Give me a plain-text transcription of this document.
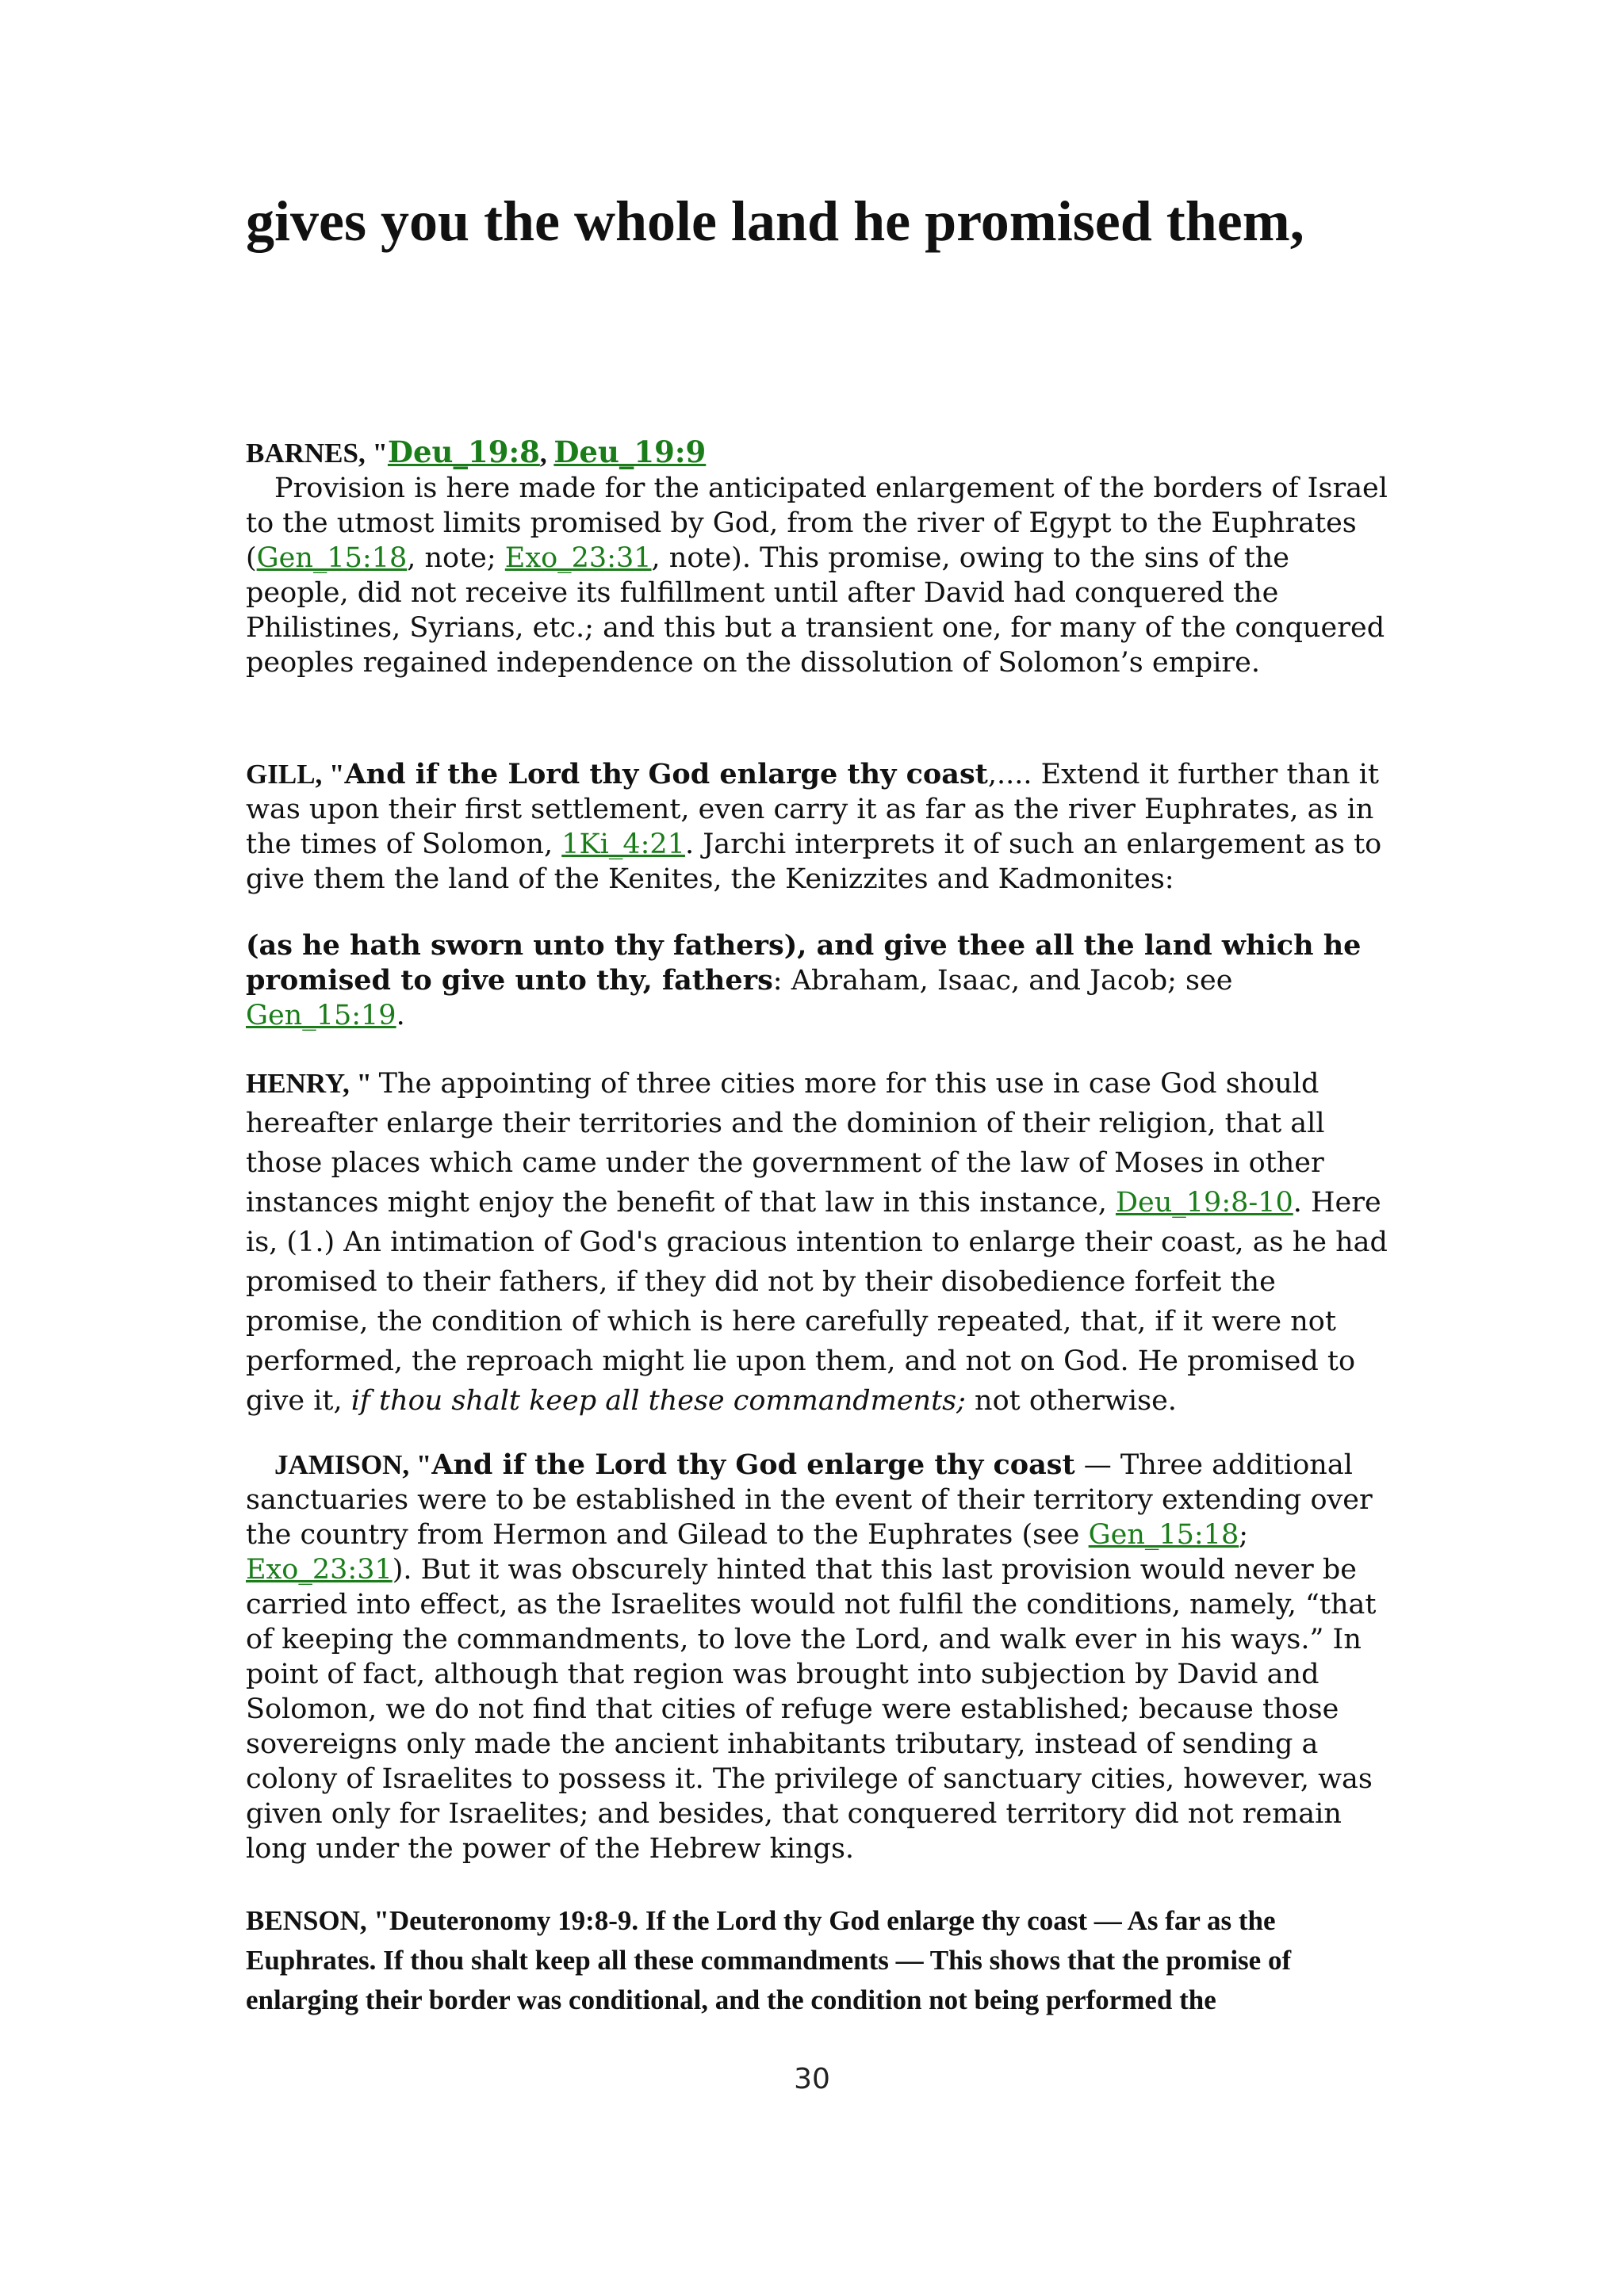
gives you the whole land he promised them,

BARNES, "Deu_19:8, Deu_19:9

Provision is here made for the anticipated enlargement of the borders of Israel to the utmost limits promised by God, from the river of Egypt to the Euphrates (Gen_15:18, note; Exo_23:31, note). This promise, owing to the sins of the people, did not receive its fulfillment until after David had conquered the Philistines, Syrians, etc.; and this but a transient one, for many of the conquered peoples regained independence on the dissolution of Solomon’s empire.

GILL, "And if the Lord thy God enlarge thy coast,.... Extend it further than it was upon their first settlement, even carry it as far as the river Euphrates, as in the times of Solomon, 1Ki_4:21. Jarchi interprets it of such an enlargement as to give them the land of the Kenites, the Kenizzites and Kadmonites:

(as he hath sworn unto thy fathers), and give thee all the land which he promised to give unto thy, fathers: Abraham, Isaac, and Jacob; see Gen_15:19.

HENRY, " The appointing of three cities more for this use in case God should hereafter enlarge their territories and the dominion of their religion, that all those places which came under the government of the law of Moses in other instances might enjoy the benefit of that law in this instance, Deu_19:8-10. Here is, (1.) An intimation of God's gracious intention to enlarge their coast, as he had promised to their fathers, if they did not by their disobedience forfeit the promise, the condition of which is here carefully repeated, that, if it were not performed, the reproach might lie upon them, and not on God. He promised to give it, if thou shalt keep all these commandments; not otherwise.

JAMISON, "And if the Lord thy God enlarge thy coast — Three additional sanctuaries were to be established in the event of their territory extending over the country from Hermon and Gilead to the Euphrates (see Gen_15:18; Exo_23:31). But it was obscurely hinted that this last provision would never be carried into effect, as the Israelites would not fulfil the conditions, namely, “that of keeping the commandments, to love the Lord, and walk ever in his ways.” In point of fact, although that region was brought into subjection by David and Solomon, we do not find that cities of refuge were established; because those sovereigns only made the ancient inhabitants tributary, instead of sending a colony of Israelites to possess it. The privilege of sanctuary cities, however, was given only for Israelites; and besides, that conquered territory did not remain long under the power of the Hebrew kings.

BENSON, "Deuteronomy 19:8-9. If the Lord thy God enlarge thy coast — As far as the Euphrates. If thou shalt keep all these commandments — This shows that the promise of enlarging their border was conditional, and the condition not being performed the

30
